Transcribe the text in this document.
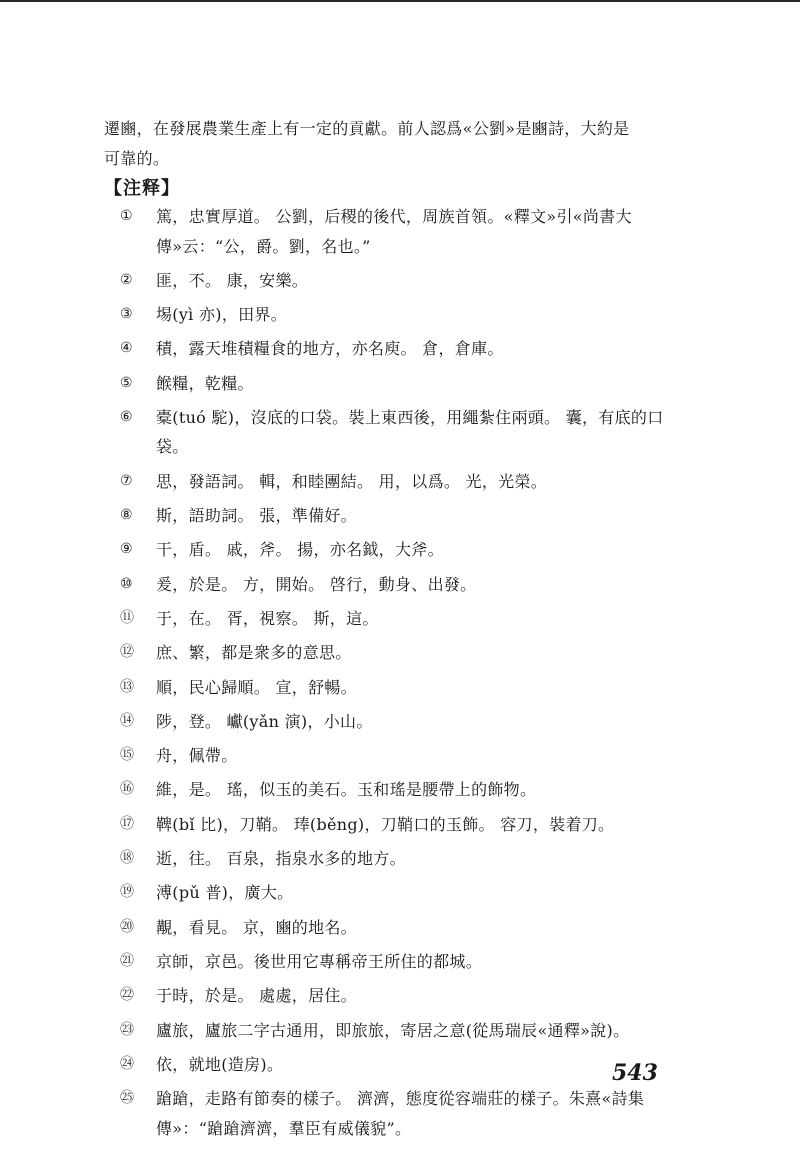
遷豳，在發展農業生產上有一定的貢獻。前人認爲«公劉»是豳詩，大約是
可靠的。
【注释】
①	篤，忠實厚道。 公劉，后稷的後代，周族首領。«釋文»引«尚書大傳»云：“公，爵。劉，名也。”
②	匪，不。 康，安樂。
③	埸(yì 亦)，田界。
④	積，露天堆積糧食的地方，亦名庾。 倉，倉庫。
⑤	餱糧，乾糧。
⑥	橐(tuó 駝)，沒底的口袋。裝上東西後，用繩紮住兩頭。 囊，有底的口袋。
⑦	思，發語詞。 輯，和睦團結。 用，以爲。 光，光榮。
⑧	斯，語助詞。 張，準備好。
⑨	干，盾。 戚，斧。 揚，亦名鉞，大斧。
⑩	爰，於是。 方，開始。 啓行，動身、出發。
⑪	于，在。 胥，視察。 斯，這。
⑫	庶、繁，都是衆多的意思。
⑬	順，民心歸順。 宣，舒暢。
⑭	陟，登。 巘(yǎn 演)，小山。
⑮	舟，佩帶。
⑯	維，是。 瑤，似玉的美石。玉和瑤是腰帶上的飾物。
⑰	鞞(bǐ 比)，刀鞘。 琫(běng)，刀鞘口的玉飾。 容刀，裝着刀。
⑱	逝，往。 百泉，指泉水多的地方。
⑲	溥(pǔ 普)，廣大。
⑳	覯，看見。 京，豳的地名。
㉑	京師，京邑。後世用它專稱帝王所住的都城。
㉒	于時，於是。 處處，居住。
㉓	廬旅，廬旅二字古通用，即旅旅，寄居之意(從馬瑞辰«通釋»說)。
㉔	依，就地(造房)。
㉕	蹌蹌，走路有節奏的樣子。 濟濟，態度從容端莊的樣子。朱熹«詩集傳»：“蹌蹌濟濟，羣臣有威儀貌”。
543
